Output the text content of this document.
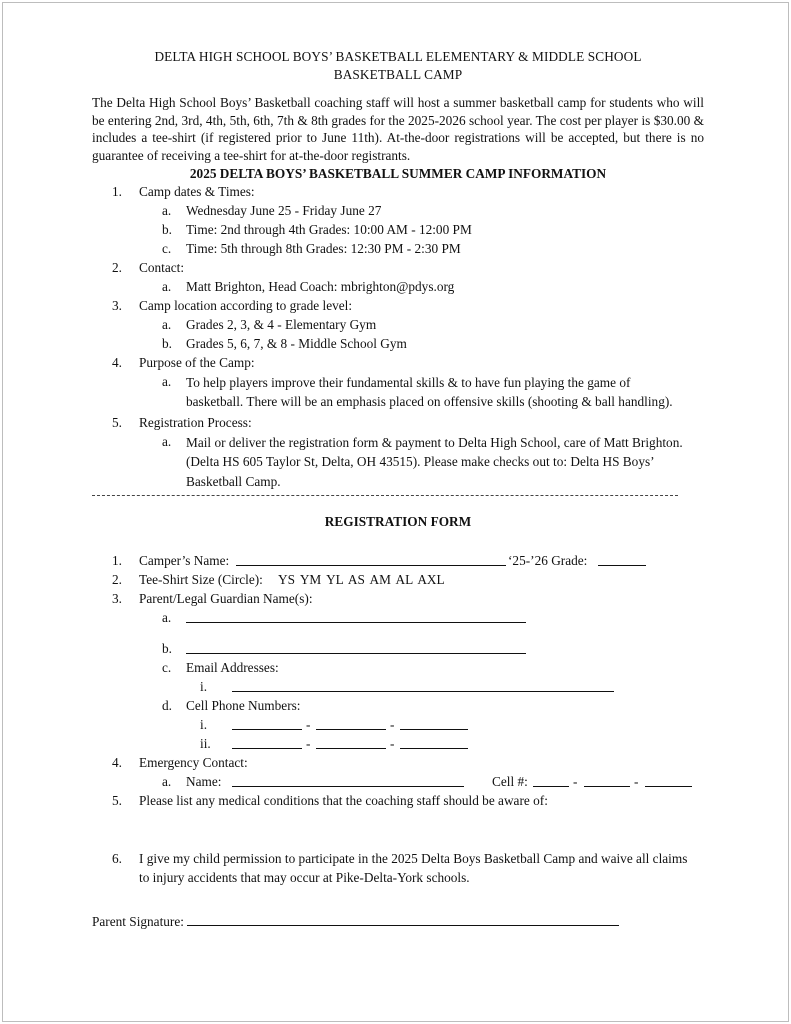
DELTA HIGH SCHOOL BOYS’ BASKETBALL ELEMENTARY & MIDDLE SCHOOL
BASKETBALL CAMP
The Delta High School Boys’ Basketball coaching staff will host a summer basketball camp for students who will be entering 2nd, 3rd, 4th, 5th, 6th, 7th & 8th grades for the 2025-2026 school year. The cost per player is $30.00 & includes a tee-shirt (if registered prior to June 11th). At-the-door registrations will be accepted, but there is no guarantee of receiving a tee-shirt for at-the-door registrants.
2025 DELTA BOYS’ BASKETBALL SUMMER CAMP INFORMATION
1. Camp dates & Times:
a. Wednesday June 25 - Friday June 27
b. Time: 2nd through 4th Grades: 10:00 AM - 12:00 PM
c. Time: 5th through 8th Grades: 12:30 PM - 2:30 PM
2. Contact:
a. Matt Brighton, Head Coach: mbrighton@pdys.org
3. Camp location according to grade level:
a. Grades 2, 3, & 4 - Elementary Gym
b. Grades 5, 6, 7, & 8 - Middle School Gym
4. Purpose of the Camp:
a. To help players improve their fundamental skills & to have fun playing the game of basketball. There will be an emphasis placed on offensive skills (shooting & ball handling).
5. Registration Process:
a. Mail or deliver the registration form & payment to Delta High School, care of Matt Brighton. (Delta HS 605 Taylor St, Delta, OH 43515). Please make checks out to: Delta HS Boys’ Basketball Camp.
REGISTRATION FORM
1. Camper’s Name:	‘25-’26 Grade:
2. Tee-Shirt Size (Circle): YS YM YL AS AM AL AXL
3. Parent/Legal Guardian Name(s):
a.
b.
c. Email Addresses:
i.
d. Cell Phone Numbers:
i.	-	-
ii.	-	-
4. Emergency Contact:
a. Name:	Cell #:	-	-
5. Please list any medical conditions that the coaching staff should be aware of:
6. I give my child permission to participate in the 2025 Delta Boys Basketball Camp and waive all claims to injury accidents that may occur at Pike-Delta-York schools.
Parent Signature:
